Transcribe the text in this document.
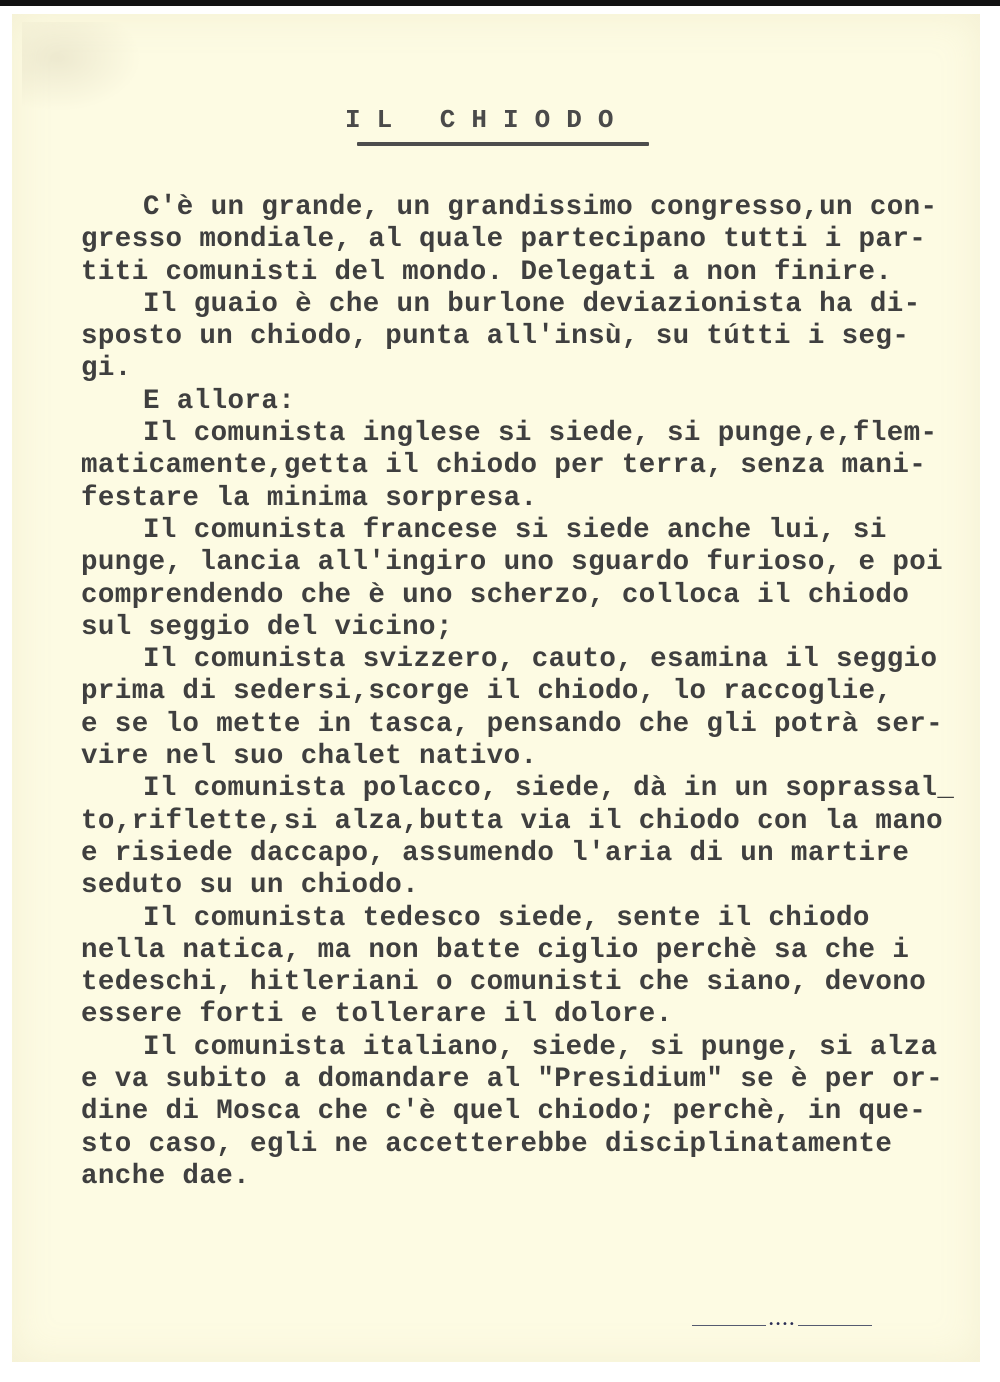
IL CHIODO
C'è un grande, un grandissimo congresso,un con-
gresso mondiale, al quale partecipano tutti i par-
titi comunisti del mondo. Delegati a non finire.
Il guaio è che un burlone deviazionista ha di-
sposto un chiodo, punta all'insù, su tútti i seg-
gi.
E allora:
Il comunista inglese si siede, si punge,e,flem-
maticamente,getta il chiodo per terra, senza mani-
festare la minima sorpresa.
Il comunista francese si siede anche lui, si
punge, lancia all'ingiro uno sguardo furioso, e poi
comprendendo che è uno scherzo, colloca il chiodo
sul seggio del vicino;
Il comunista svizzero, cauto, esamina il seggio
prima di sedersi,scorge il chiodo, lo raccoglie,
e se lo mette in tasca, pensando che gli potrà ser-
vire nel suo chalet nativo.
Il comunista polacco, siede, dà in un soprassal_
to,riflette,si alza,butta via il chiodo con la mano
e risiede daccapo, assumendo l'aria di un martire
seduto su un chiodo.
Il comunista tedesco siede, sente il chiodo
nella natica, ma non batte ciglio perchè sa che i
tedeschi, hitleriani o comunisti che siano, devono
essere forti e tollerare il dolore.
Il comunista italiano, siede, si punge, si alza
e va subito a domandare al "Presidium" se è per or-
dine di Mosca che c'è quel chiodo; perchè, in que-
sto caso, egli ne accetterebbe disciplinatamente
anche dae.
••••
